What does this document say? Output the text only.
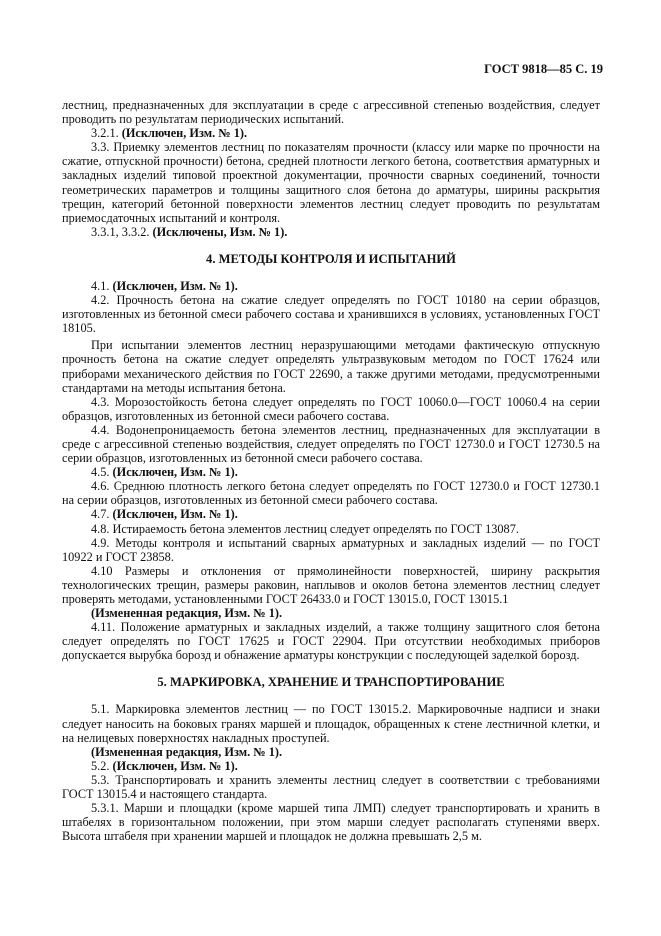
ГОСТ 9818—85 С. 19

лестниц, предназначенных для эксплуатации в среде с агрессивной степенью воздействия, следует проводить по результатам периодических испытаний.

3.2.1. (Исключен, Изм. № 1).

3.3. Приемку элементов лестниц по показателям прочности (классу или марке по прочности на сжатие, отпускной прочности) бетона, средней плотности легкого бетона, соответствия арматурных и закладных изделий типовой проектной документации, прочности сварных соединений, точности геометрических параметров и толщины защитного слоя бетона до арматуры, ширины раскрытия трещин, категорий бетонной поверхности элементов лестниц следует проводить по результатам приемосдаточных испытаний и контроля.

3.3.1, 3.3.2. (Исключены, Изм. № 1).

4. МЕТОДЫ КОНТРОЛЯ И ИСПЫТАНИЙ

4.1. (Исключен, Изм. № 1).

4.2. Прочность бетона на сжатие следует определять по ГОСТ 10180 на серии образцов, изготовленных из бетонной смеси рабочего состава и хранившихся в условиях, установленных ГОСТ 18105.

При испытании элементов лестниц неразрушающими методами фактическую отпускную прочность бетона на сжатие следует определять ультразвуковым методом по ГОСТ 17624 или приборами механического действия по ГОСТ 22690, а также другими методами, предусмотренными стандартами на методы испытания бетона.

4.3. Морозостойкость бетона следует определять по ГОСТ 10060.0—ГОСТ 10060.4 на серии образцов, изготовленных из бетонной смеси рабочего состава.

4.4. Водонепроницаемость бетона элементов лестниц, предназначенных для эксплуатации в среде с агрессивной степенью воздействия, следует определять по ГОСТ 12730.0 и ГОСТ 12730.5 на серии образцов, изготовленных из бетонной смеси рабочего состава.

4.5. (Исключен, Изм. № 1).

4.6. Среднюю плотность легкого бетона следует определять по ГОСТ 12730.0 и ГОСТ 12730.1 на серии образцов, изготовленных из бетонной смеси рабочего состава.

4.7. (Исключен, Изм. № 1).

4.8. Истираемость бетона элементов лестниц следует определять по ГОСТ 13087.

4.9. Методы контроля и испытаний сварных арматурных и закладных изделий — по ГОСТ 10922 и ГОСТ 23858.

4.10 Размеры и отклонения от прямолинейности поверхностей, ширину раскрытия технологических трещин, размеры раковин, наплывов и околов бетона элементов лестниц следует проверять методами, установленными ГОСТ 26433.0 и ГОСТ 13015.0, ГОСТ 13015.1

(Измененная редакция, Изм. № 1).

4.11. Положение арматурных и закладных изделий, а также толщину защитного слоя бетона следует определять по ГОСТ 17625 и ГОСТ 22904. При отсутствии необходимых приборов допускается вырубка борозд и обнажение арматуры конструкции с последующей заделкой борозд.

5. МАРКИРОВКА, ХРАНЕНИЕ И ТРАНСПОРТИРОВАНИЕ

5.1. Маркировка элементов лестниц — по ГОСТ 13015.2. Маркировочные надписи и знаки следует наносить на боковых гранях маршей и площадок, обращенных к стене лестничной клетки, и на нелицевых поверхностях накладных проступей.

(Измененная редакция, Изм. № 1).

5.2. (Исключен, Изм. № 1).

5.3. Транспортировать и хранить элементы лестниц следует в соответствии с требованиями ГОСТ 13015.4 и настоящего стандарта.

5.3.1. Марши и площадки (кроме маршей типа ЛМП) следует транспортировать и хранить в штабелях в горизонтальном положении, при этом марши следует располагать ступенями вверх. Высота штабеля при хранении маршей и площадок не должна превышать 2,5 м.
